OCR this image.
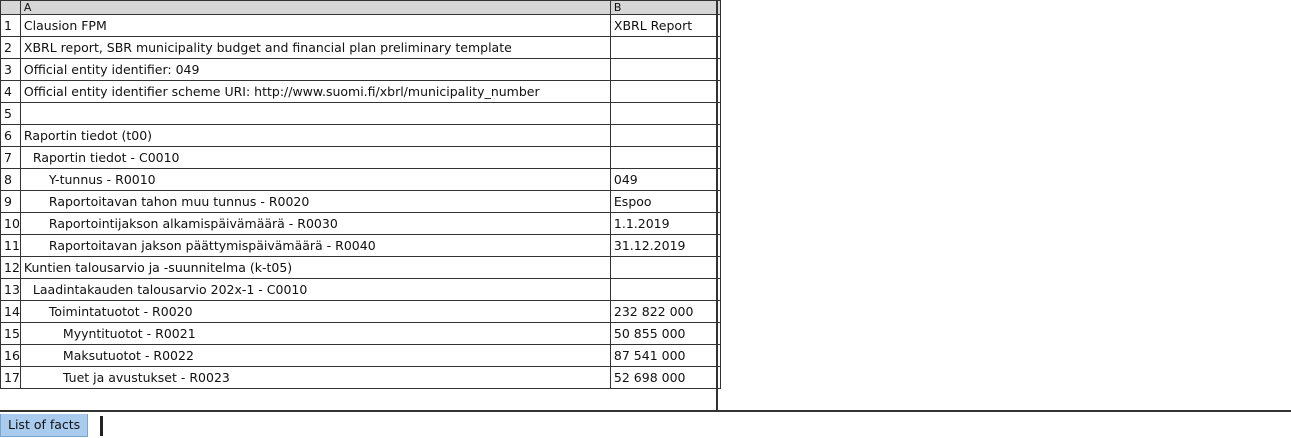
	A	B
1	Clausion FPM	XBRL Report
2	XBRL report, SBR municipality budget and financial plan preliminary template	
3	Official entity identifier: 049	
4	Official entity identifier scheme URI: http://www.suomi.fi/xbrl/municipality_number	
5		
6	Raportin tiedot (t00)	
7	Raportin tiedot - C0010	
8	Y-tunnus - R0010	049
9	Raportoitavan tahon muu tunnus - R0020	Espoo
10	Raportointijakson alkamispäivämäärä - R0030	1.1.2019
11	Raportoitavan jakson päättymispäivämäärä - R0040	31.12.2019
12	Kuntien talousarvio ja -suunnitelma (k-t05)	
13	Laadintakauden talousarvio 202x-1 - C0010	
14	Toimintatuotot - R0020	232 822 000
15	Myyntituotot - R0021	50 855 000
16	Maksutuotot - R0022	87 541 000
17	Tuet ja avustukset - R0023	52 698 000
List of facts
